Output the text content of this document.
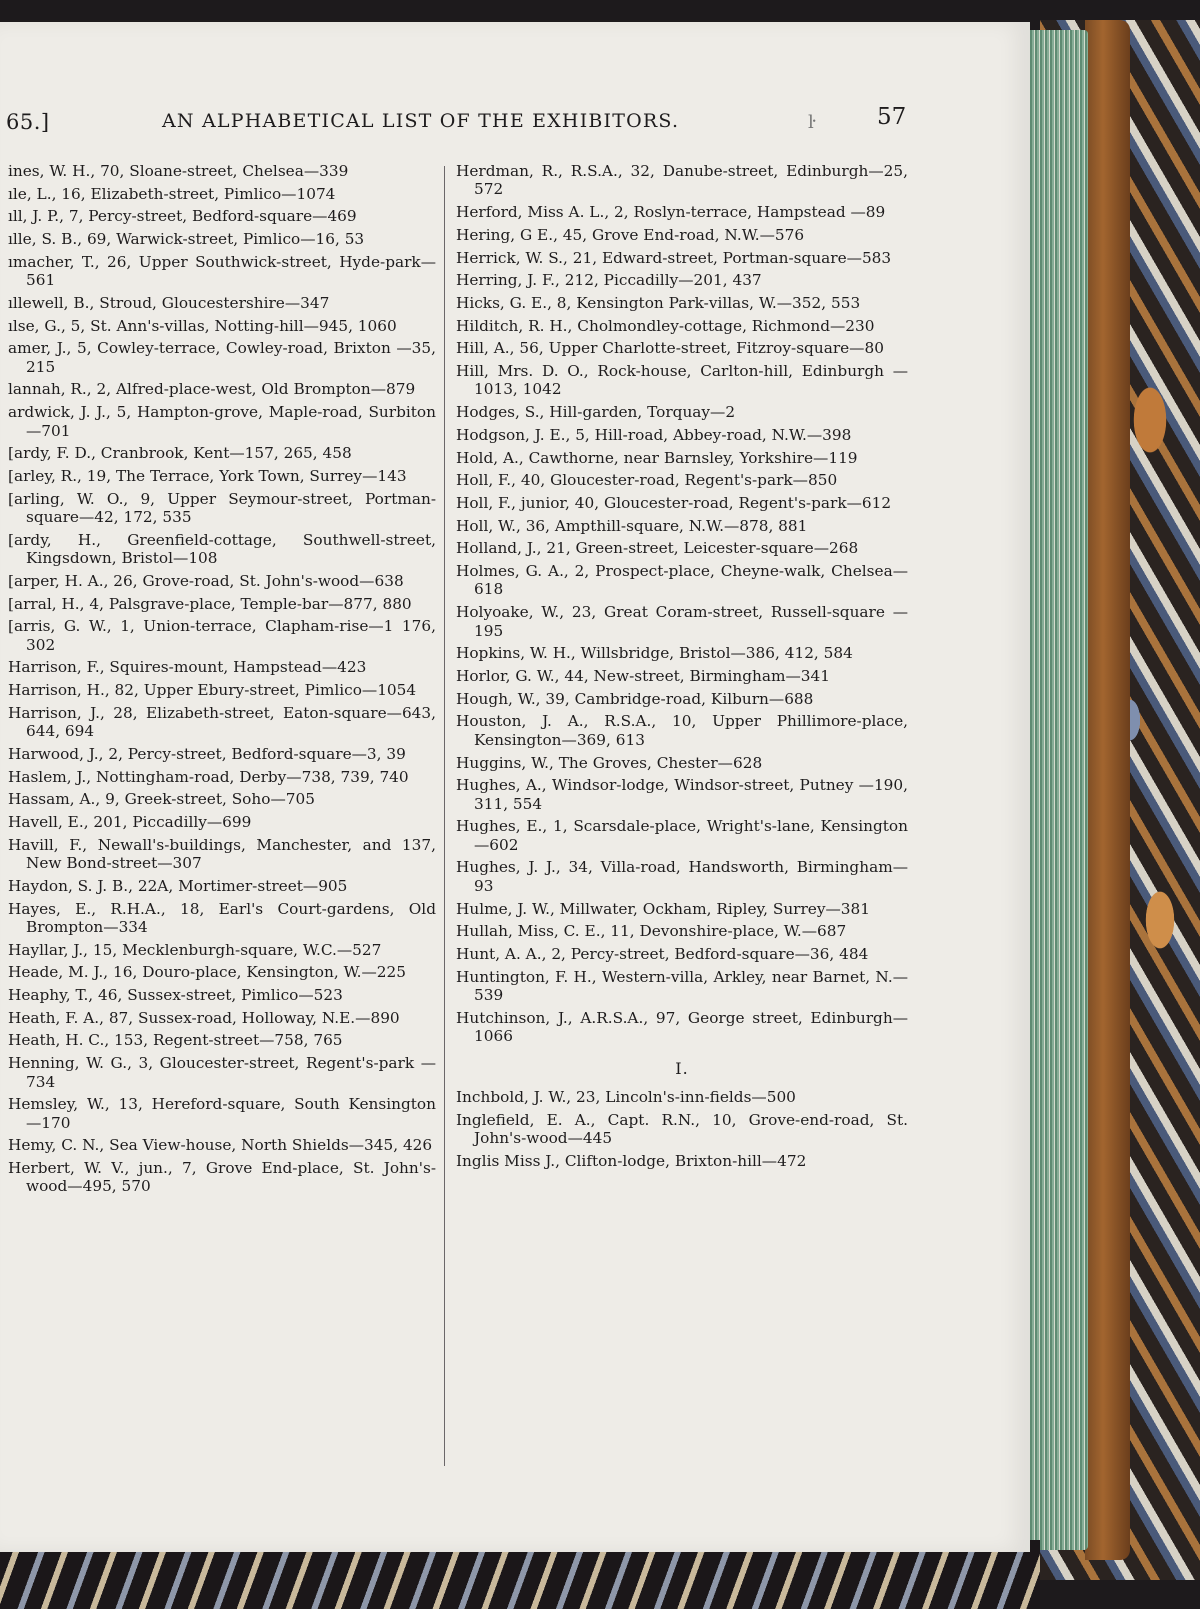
65.]	AN ALPHABETICAL LIST OF THE EXHIBITORS.	ŀ	57

ines, W. H., 70, Sloane-street, Chelsea—339

ıle, L., 16, Elizabeth-street, Pimlico—1074

ıll, J. P., 7, Percy-street, Bedford-square—469

ılle, S. B., 69, Warwick-street, Pimlico—16, 53

ımacher, T., 26, Upper Southwick-street, Hyde-park—561

ıllewell, B., Stroud, Gloucestershire—347

ılse, G., 5, St. Ann's-villas, Notting-hill—945, 1060

amer, J., 5, Cowley-terrace, Cowley-road, Brixton —35, 215

lannah, R., 2, Alfred-place-west, Old Brompton—879

ardwick, J. J., 5, Hampton-grove, Maple-road, Surbiton—701

[ardy, F. D., Cranbrook, Kent—157, 265, 458

[arley, R., 19, The Terrace, York Town, Surrey—143

[arling, W. O., 9, Upper Seymour-street, Portman-square—42, 172, 535

[ardy, H., Greenfield-cottage, Southwell-street, Kingsdown, Bristol—108

[arper, H. A., 26, Grove-road, St. John's-wood—638

[arral, H., 4, Palsgrave-place, Temple-bar—877, 880

[arris, G. W., 1, Union-terrace, Clapham-rise—1 176, 302

Harrison, F., Squires-mount, Hampstead—423

Harrison, H., 82, Upper Ebury-street, Pimlico—1054

Harrison, J., 28, Elizabeth-street, Eaton-square—643, 644, 694

Harwood, J., 2, Percy-street, Bedford-square—3, 39

Haslem, J., Nottingham-road, Derby—738, 739, 740

Hassam, A., 9, Greek-street, Soho—705

Havell, E., 201, Piccadilly—699

Havill, F., Newall's-buildings, Manchester, and 137, New Bond-street—307

Haydon, S. J. B., 22A, Mortimer-street—905

Hayes, E., R.H.A., 18, Earl's Court-gardens, Old Brompton—334

Hayllar, J., 15, Mecklenburgh-square, W.C.—527

Heade, M. J., 16, Douro-place, Kensington, W.—225

Heaphy, T., 46, Sussex-street, Pimlico—523

Heath, F. A., 87, Sussex-road, Holloway, N.E.—890

Heath, H. C., 153, Regent-street—758, 765

Henning, W. G., 3, Gloucester-street, Regent's-park —734

Hemsley, W., 13, Hereford-square, South Kensington —170

Hemy, C. N., Sea View-house, North Shields—345, 426

Herbert, W. V., jun., 7, Grove End-place, St. John's-wood—495, 570

Herdman, R., R.S.A., 32, Danube-street, Edinburgh—25, 572

Herford, Miss A. L., 2, Roslyn-terrace, Hampstead —89

Hering, G E., 45, Grove End-road, N.W.—576

Herrick, W. S., 21, Edward-street, Portman-square—583

Herring, J. F., 212, Piccadilly—201, 437

Hicks, G. E., 8, Kensington Park-villas, W.—352, 553

Hilditch, R. H., Cholmondley-cottage, Richmond—230

Hill, A., 56, Upper Charlotte-street, Fitzroy-square—80

Hill, Mrs. D. O., Rock-house, Carlton-hill, Edinburgh —1013, 1042

Hodges, S., Hill-garden, Torquay—2

Hodgson, J. E., 5, Hill-road, Abbey-road, N.W.—398

Hold, A., Cawthorne, near Barnsley, Yorkshire—119

Holl, F., 40, Gloucester-road, Regent's-park—850

Holl, F., junior, 40, Gloucester-road, Regent's-park—612

Holl, W., 36, Ampthill-square, N.W.—878, 881

Holland, J., 21, Green-street, Leicester-square—268

Holmes, G. A., 2, Prospect-place, Cheyne-walk, Chelsea—618

Holyoake, W., 23, Great Coram-street, Russell-square —195

Hopkins, W. H., Willsbridge, Bristol—386, 412, 584

Horlor, G. W., 44, New-street, Birmingham—341

Hough, W., 39, Cambridge-road, Kilburn—688

Houston, J. A., R.S.A., 10, Upper Phillimore-place, Kensington—369, 613

Huggins, W., The Groves, Chester—628

Hughes, A., Windsor-lodge, Windsor-street, Putney —190, 311, 554

Hughes, E., 1, Scarsdale-place, Wright's-lane, Kensington—602

Hughes, J. J., 34, Villa-road, Handsworth, Birmingham—93

Hulme, J. W., Millwater, Ockham, Ripley, Surrey—381

Hullah, Miss, C. E., 11, Devonshire-place, W.—687

Hunt, A. A., 2, Percy-street, Bedford-square—36, 484

Huntington, F. H., Western-villa, Arkley, near Barnet, N.—539

Hutchinson, J., A.R.S.A., 97, George street, Edinburgh—1066

I.

Inchbold, J. W., 23, Lincoln's-inn-fields—500

Inglefield, E. A., Capt. R.N., 10, Grove-end-road, St. John's-wood—445

Inglis Miss J., Clifton-lodge, Brixton-hill—472
